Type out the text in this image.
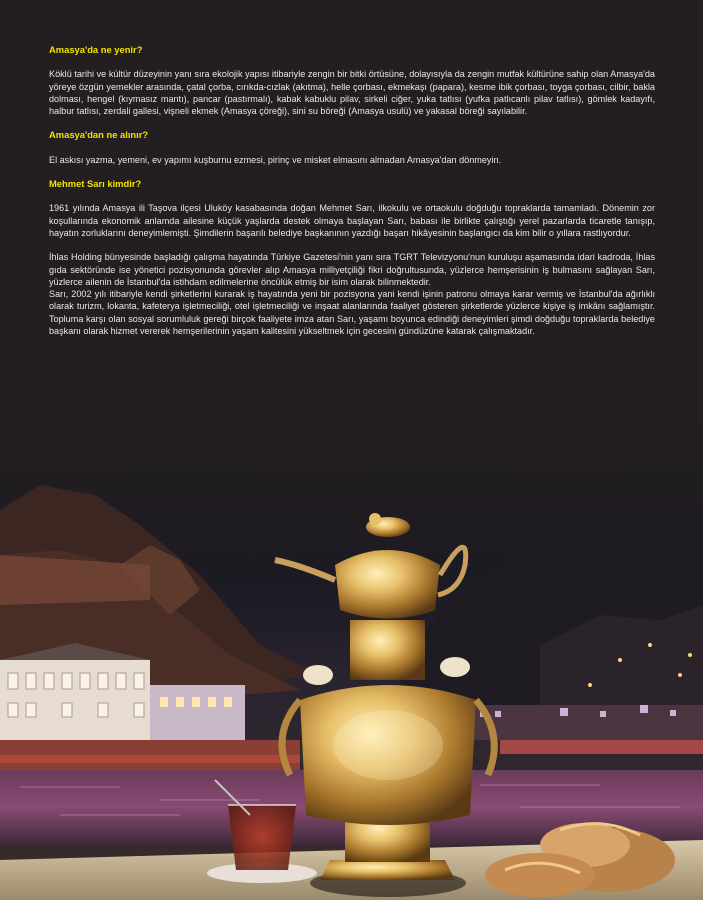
Amasya'da ne yenir?
Köklü tarihi ve kültür düzeyinin yanı sıra ekolojik yapısı itibariyle zengin bir bitki örtüsüne, dolayısıyla da zengin mutfak kültürüne sahip olan Amasya'da yöreye özgün yemekler arasında, çatal çorba, cırıkda-cızlak (akıtma), helle çorbası, ekmekaşı (papara), kesme ibik çorbası, toyga çorbası, cilbir, bakla dolması, hengel (kıymasız mantı), pancar (pastırmalı), kabak kabuklu pilav, sirkeli ciğer, yuka tatlısı (yufka patlıcanlı pilav tatlısı), gömlek kadayıfı, halbur tatlısı, zerdali gallesi, vişneli ekmek (Amasya çöreği), sini su böreği (Amasya usulü) ve yakasal böreği sayılabilir.
Amasya'dan ne alınır?
El askısı yazma, yemeni, ev yapımı kuşburnu ezmesi, pirinç ve misket elmasını almadan Amasya'dan dönmeyin.
Mehmet Sarı kimdir?
1961 yılında Amasya ili Taşova ilçesi Uluköy kasabasında doğan Mehmet Sarı, ilkokulu ve ortaokulu doğduğu topraklarda tamamladı. Dönemin zor koşullarında ekonomik anlamda ailesine küçük yaşlarda destek olmaya başlayan Sarı, babası ile birlikte çalıştığı yerel pazarlarda ticaretle tanışıp, hayatın zorluklarını deneyimlemişti. Şimdilerin başarılı belediye başkanının yazdığı başarı hikâyesinin başlangıcı da kim bilir o yıllara rastlıyordur.
İhlas Holding bünyesinde başladığı çalışma hayatında Türkiye Gazetesi'nin yanı sıra TGRT Televizyonu'nun kuruluşu aşamasında idari kadroda, İhlas gıda sektöründe ise yönetici pozisyonunda görevler alıp Amasya milliyetçiliği fikri doğrultusunda, yüzlerce hemşerisinin iş bulmasını sağlayan Sarı, yüzlerce ailenin de İstanbul'da istihdam edilmelerine öncülük etmiş bir isim olarak bilinmektedir.
Sarı, 2002 yılı itibariyle kendi şirketlerini kurarak iş hayatında yeni bir pozisyona yani kendi işinin patronu olmaya karar vermiş ve İstanbul'da ağırlıklı olarak turizm, lokanta, kafeterya işletmeciliği, otel işletmeciliği ve inşaat alanlarında faaliyet gösteren şirketlerde yüzlerce kişiye iş imkânı sağlamıştır. Topluma karşı olan sosyal sorumluluk gereği birçok faaliyete imza atan Sarı, yaşamı boyunca edindiği deneyimleri şimdi doğduğu topraklarda belediye başkanı olarak hizmet vererek hemşerilerinin yaşam kalitesini yükseltmek için gecesini gündüzüne katarak çalışmaktadır.
